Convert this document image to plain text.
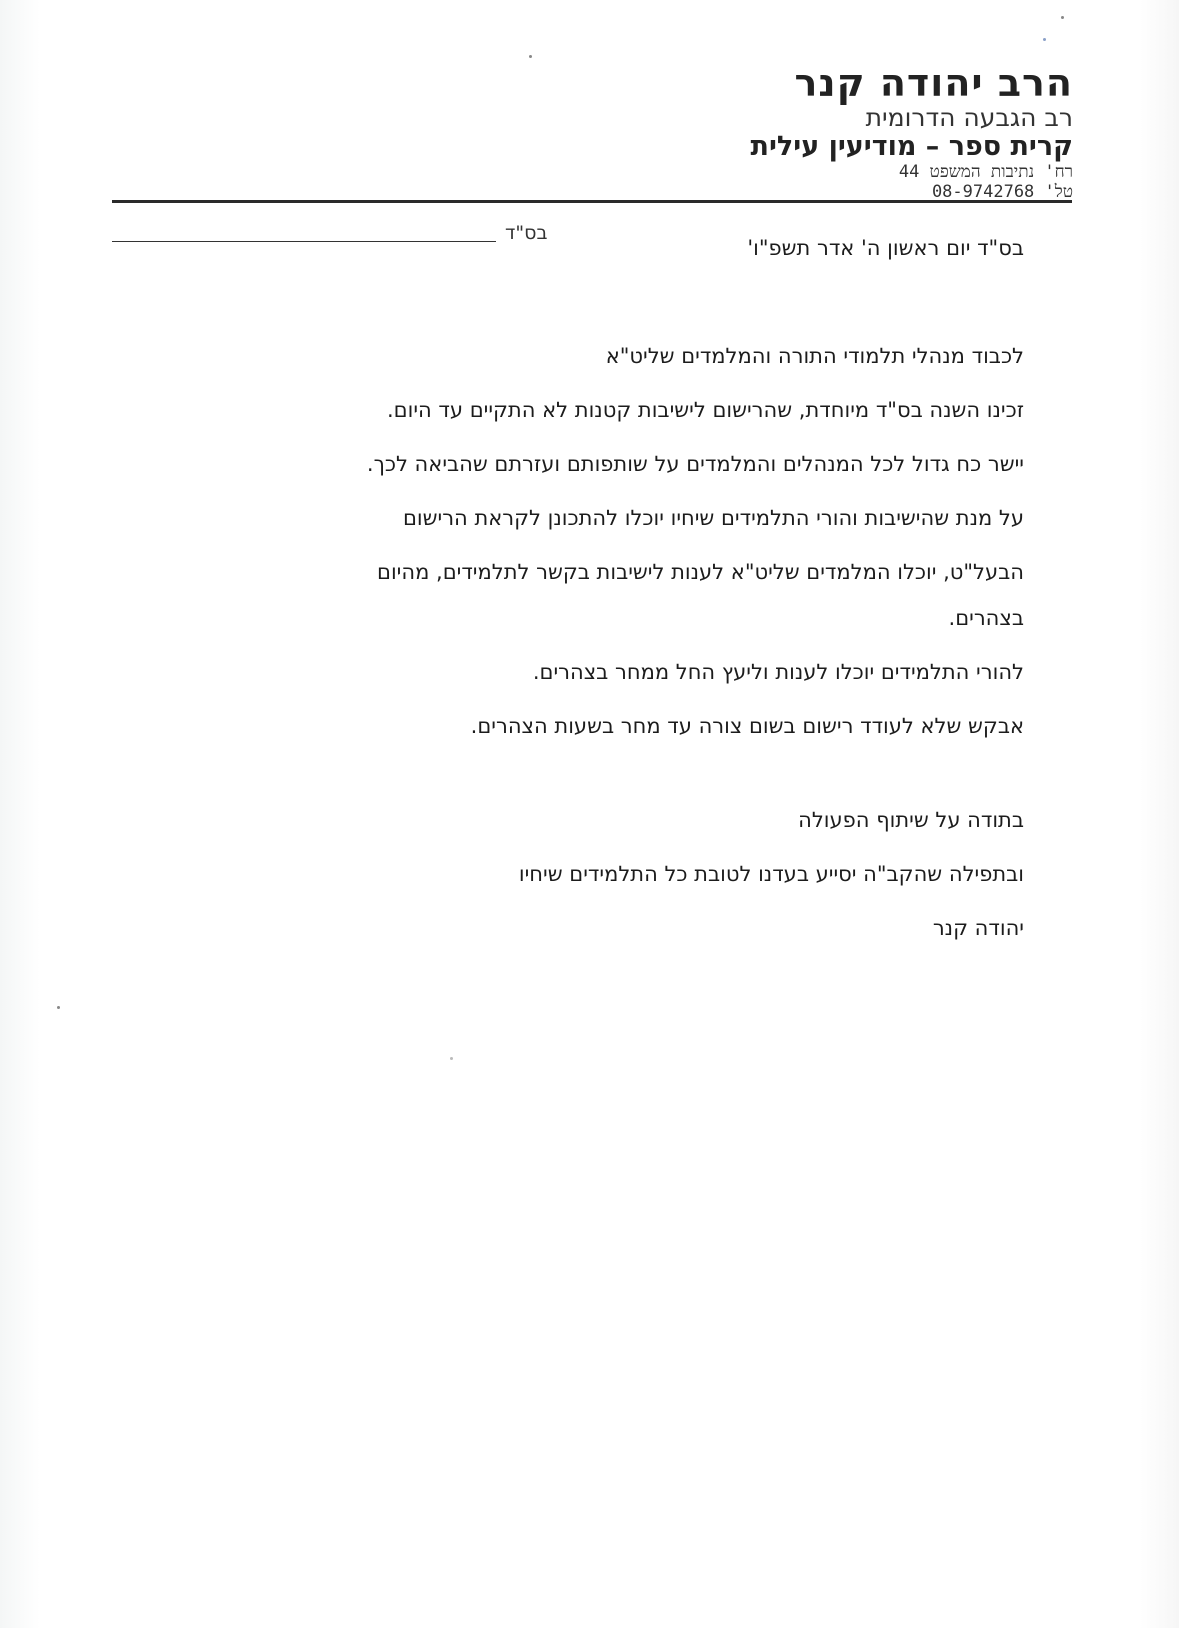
הרב יהודה קנר
רב הגבעה הדרומית
קרית ספר – מודיעין עילית
רח' נתיבות המשפט 44
טל' 08-9742768
בס"ד
בס"ד יום ראשון ה' אדר תשפ"ו'
לכבוד מנהלי תלמודי התורה והמלמדים שליט"א
זכינו השנה בס"ד מיוחדת, שהרישום לישיבות קטנות לא התקיים עד היום.
יישר כח גדול לכל המנהלים והמלמדים על שותפותם ועזרתם שהביאה לכך.
על מנת שהישיבות והורי התלמידים שיחיו יוכלו להתכונן לקראת הרישום
הבעל"ט, יוכלו המלמדים שליט"א לענות לישיבות בקשר לתלמידים, מהיום
בצהרים.
להורי התלמידים יוכלו לענות וליעץ החל ממחר בצהרים.
אבקש שלא לעודד רישום בשום צורה עד מחר בשעות הצהרים.
בתודה על שיתוף הפעולה
ובתפילה שהקב"ה יסייע בעדנו לטובת כל התלמידים שיחיו
יהודה קנר
